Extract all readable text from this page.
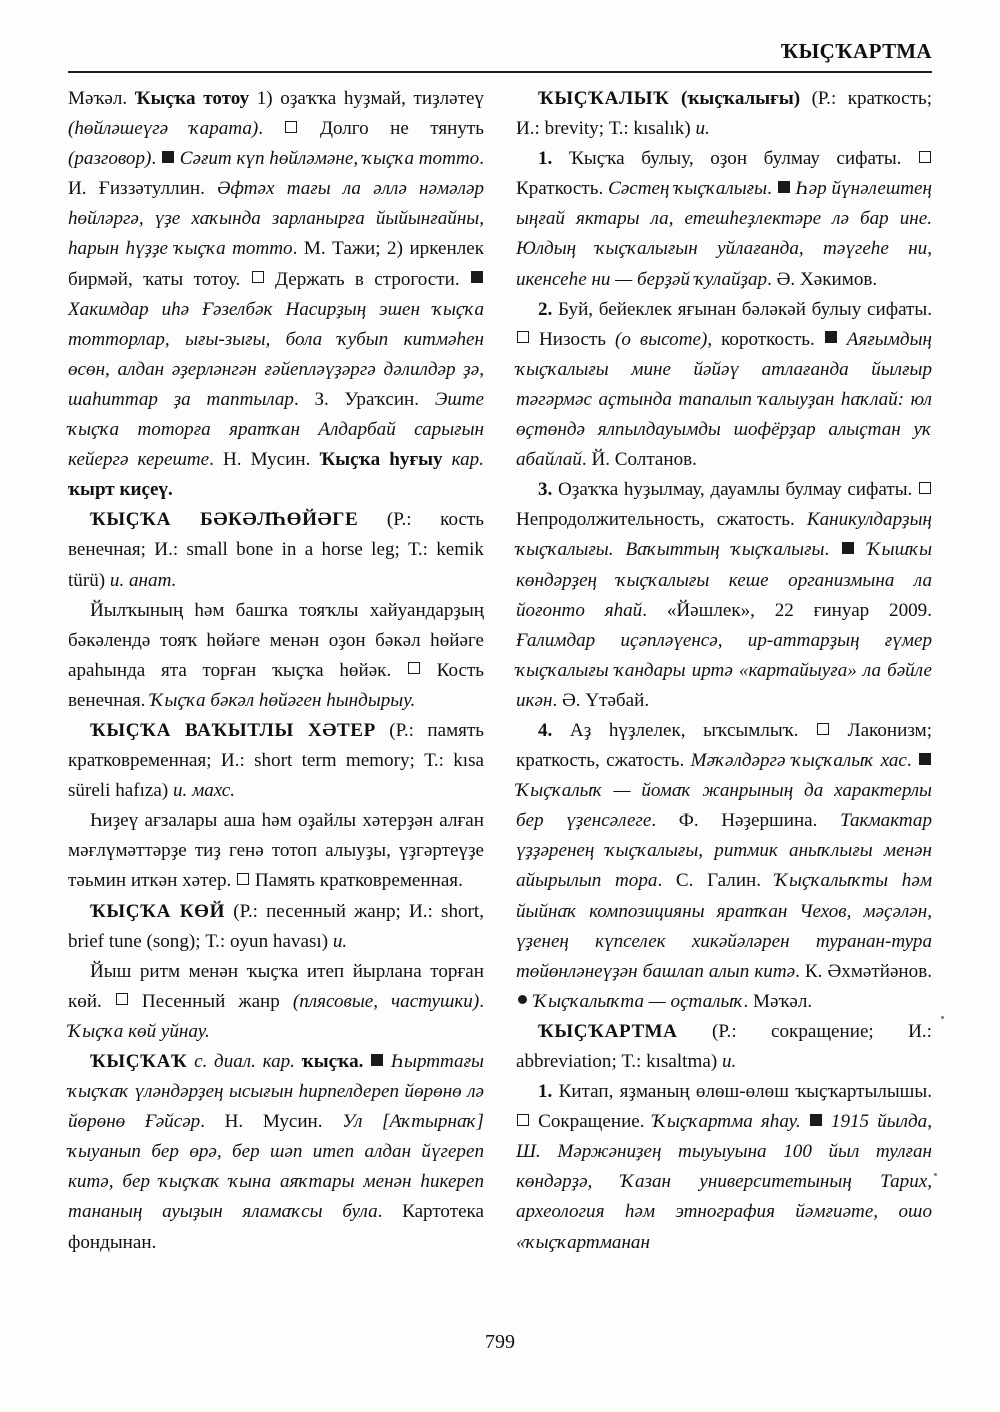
ҠЫҪҠАРТМА

Мәҡәл. Ҡыҫҡа тотоу 1) оҙаҡҡа һуҙмай, тиҙләтеү (һөйләшеүгә ҡарата).  Долго не тянуть (разговор).  Сәғит күп һөйләмәне, ҡыҫҡа тотто. И. Ғиззәтуллин. Әфтәх тағы ла әллә нәмәләр һөйләргә, үҙе хаҡында зарланырға йыйынғайны, һарын һүҙҙе ҡыҫҡа тотто. М. Тажи; 2) иркенлек бирмәй, ҡаты тотоу.  Держать в строгости.  Хакимдар иһә Ғәзелбәк Насирҙың эшен ҡыҫҡа тотторлар, ығы-зығы, бола ҡубып китмәһен өсөн, алдан әҙерләнгән ғәйепләүҙәргә дәлилдәр ҙә, шаһиттар ҙа таптылар. З. Ураҡсин. Эште ҡыҫҡа тоторға яратҡан Алдарбай сарығын кейергә кереште. Н. Мусин. Ҡыҫҡа һуғыу кар. ҡырт киҫеү.

ҠЫҪҠА БӘКӘЛ҃ҺӨЙӘГЕ (Р.: кость венечная; И.: small bone in a horse leg; Т.: kemik türü) и. анат.

Йылҡының һәм башҡа тояҡлы хайуандарҙың бәкәлендә тояҡ һөйәге менән оҙон бәкәл һөйәге араһында ята торған ҡыҫҡа һөйәк.  Кость венечная. Ҡыҫҡа бәкәл һөйәген һындырыу.

ҠЫҪҠА ВАҠЫТЛЫ ХӘТЕР (Р.: память кратковременная; И.: short term memory; Т.: kısa süreli hafıza) и. махс.

Һиҙеү ағзалары аша һәм оҙайлы хәтерҙән алған мәғлүмәттәрҙе тиҙ генә тотоп алыуҙы, үҙгәртеүҙе тәьмин иткән хәтер.  Память кратковременная.

ҠЫҪҠА КӨЙ (Р.: песенный жанр; И.: short, brief tune (song); Т.: oyun havası) и.

Йыш ритм менән ҡыҫҡа итеп йырлана торған көй.  Песенный жанр (плясовые, частушки). Ҡыҫҡа көй уйнау.

ҠЫҪҠАҠ с. диал. кар. ҡыҫҡа.  Һырттағы ҡыҫҡаҡ үләндәрҙең ысығын һирпелдереп йөрөнө лә йөрөнө Ғәйсәр. Н. Мусин. Ул [Аҡтырнаҡ] ҡыуанып бер өрә, бер шәп итеп алдан йүгереп китә, бер ҡыҫҡаҡ ҡына аяҡтары менән һикереп тананың ауыҙын яламаҡсы була. Картотека фондынан.

ҠЫҪҠАЛЫҠ (ҡыҫҡалығы) (Р.: краткость; И.: brevity; Т.: kısalık) и.

1. Ҡыҫҡа булыу, оҙон булмау сифаты.  Краткость. Сәстең ҡыҫҡалығы.  Һәр йүнәлештең ыңғай яктары ла, етешһеҙлектәре лә бар ине. Юлдың ҡыҫҡалығын уйлағанда, тәүгеһе ни, икенсеһе ни — берҙәй ҡулайҙар. Ә. Хәкимов.

2. Буй, бейеклек яғынан бәләкәй булыу сифаты.  Низость (о высоте), короткость.  Аяғымдың ҡыҫҡалығы мине йәйәү атлағанда йылғыр тәгәрмәс аҫтында тапалып ҡалыуҙан һаҡлай: юл өҫтөндә ялпылдауымды шофёрҙар алыҫтан уҡ абайлай. Й. Солтанов.

3. Оҙаҡҡа һуҙылмау, дауамлы булмау сифаты.  Непродолжительность, сжатость. Каникулдарҙың ҡыҫҡалығы. Ваҡыттың ҡыҫҡалығы.  Ҡышҡы көндәрҙең ҡыҫҡалығы кеше организмына ла йоғонто яһай. «Йәшлек», 22 ғинуар 2009. Ғалимдар иҫәпләүенсә, ир-аттарҙың ғүмер ҡыҫҡалығы ҡандары иртә «картайыуға» ла бәйле икән. Ә. Үтәбай.

4. Аҙ һүҙлелек, ыҡсымлыҡ.  Лаконизм; краткость, сжатость. Мәҡәлдәргә ҡыҫҡалыҡ хас.  Ҡыҫҡалыҡ — йомаҡ жанрының да характерлы бер үҙенсәлеге. Ф. Нәҙершина. Такмактар үҙҙәренең ҡыҫҡалығы, ритмик аныҡлығы менән айырылып тора. С. Галин. Ҡыҫҡалыҡты һәм йыйнаҡ композицияны яратҡан Чехов, мәҫәлән, үҙенең күпселек хикәйәләрен туранан-тура төйөнләнеүҙән башлап алып китә. К. Әхмәтйәнов.  Ҡыҫҡалыҡта — оҫталыҡ. Мәҡәл.

ҠЫҪҠАРТМА (Р.: сокращение; И.: abbreviation; Т.: kısaltma) и.

1. Китап, яҙманың өлөш-өлөш ҡыҫҡартылышы.  Сокращение. Ҡыҫҡартма яһау.  1915 йылда, Ш. Мәржәниҙең тыуыуына 100 йыл тулған көндәрҙә, Ҡазан университетының Тарих, археология һәм этнография йәмғиәте, ошо «ҡыҫҡартманан

799
